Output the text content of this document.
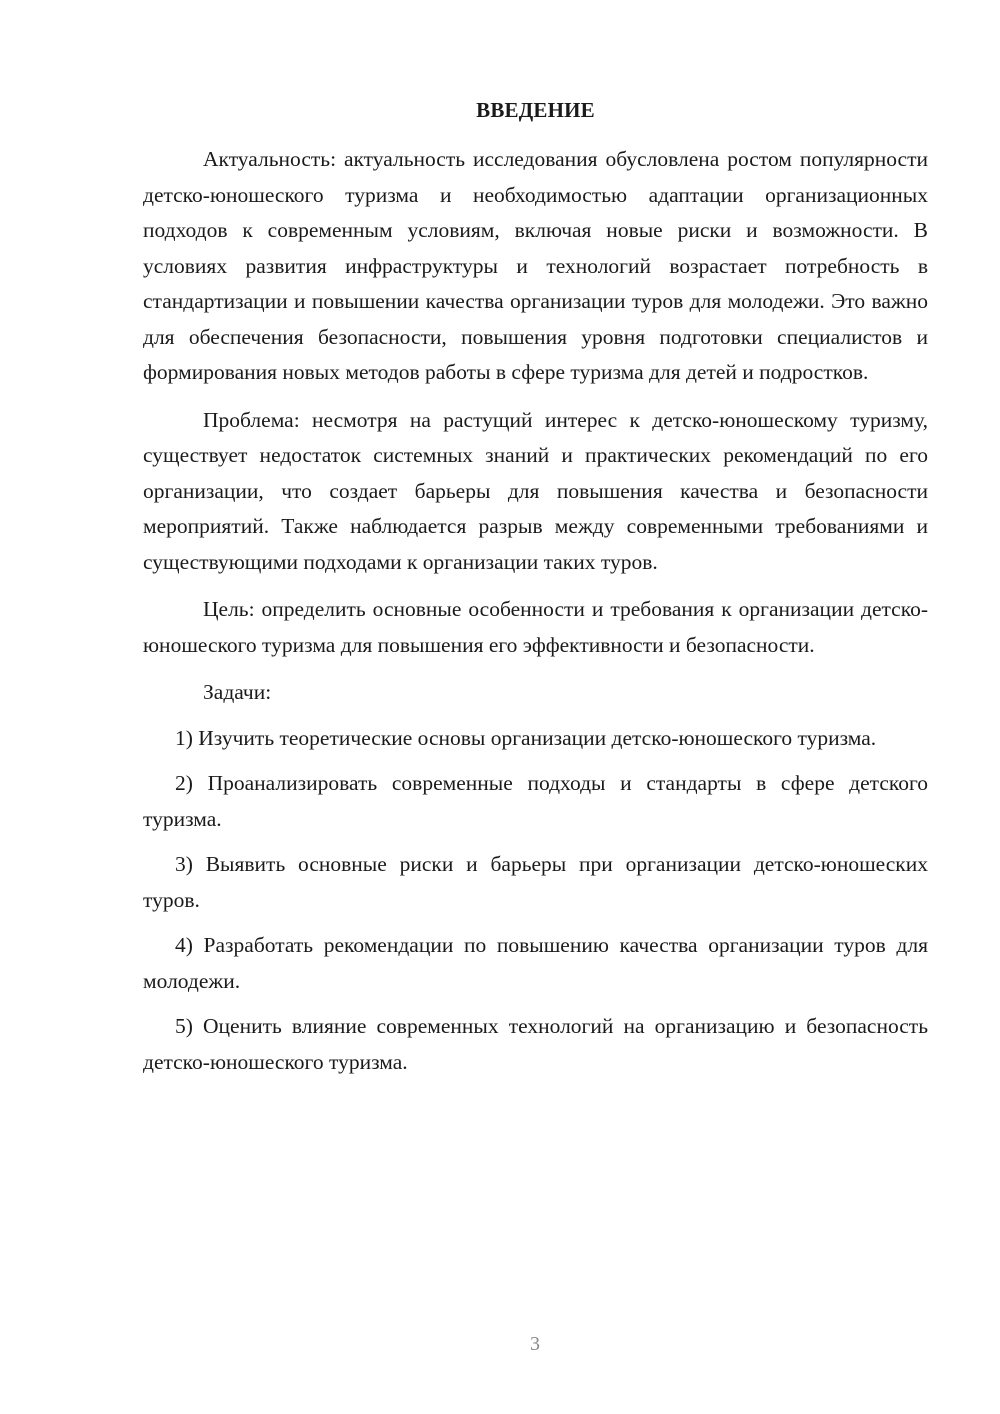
ВВЕДЕНИЕ

Актуальность: актуальность исследования обусловлена ростом популярности детско-юношеского туризма и необходимостью адаптации организационных подходов к современным условиям, включая новые риски и возможности. В условиях развития инфраструктуры и технологий возрастает потребность в стандартизации и повышении качества организации туров для молодежи. Это важно для обеспечения безопасности, повышения уровня подготовки специалистов и формирования новых методов работы в сфере туризма для детей и подростков.

Проблема: несмотря на растущий интерес к детско-юношескому туризму, существует недостаток системных знаний и практических рекомендаций по его организации, что создает барьеры для повышения качества и безопасности мероприятий. Также наблюдается разрыв между современными требованиями и существующими подходами к организации таких туров.

Цель: определить основные особенности и требования к организации детско-юношеского туризма для повышения его эффективности и безопасности.

Задачи:

1) Изучить теоретические основы организации детско-юношеского туризма.

2) Проанализировать современные подходы и стандарты в сфере детского туризма.

3) Выявить основные риски и барьеры при организации детско-юношеских туров.

4) Разработать рекомендации по повышению качества организации туров для молодежи.

5) Оценить влияние современных технологий на организацию и безопасность детско-юношеского туризма.

3
